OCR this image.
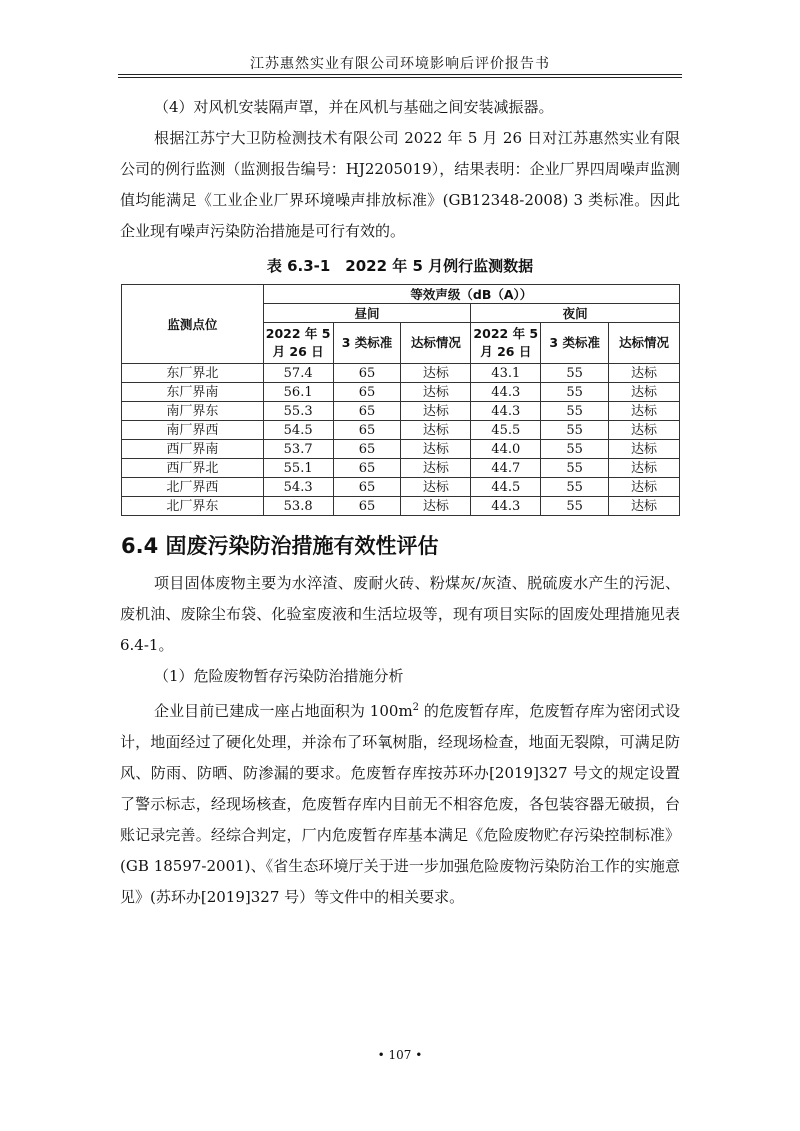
江苏惠然实业有限公司环境影响后评价报告书

（4）对风机安装隔声罩，并在风机与基础之间安装减振器。

根据江苏宁大卫防检测技术有限公司 2022 年 5 月 26 日对江苏惠然实业有限公司的例行监测（监测报告编号：HJ2205019），结果表明：企业厂界四周噪声监测值均能满足《工业企业厂界环境噪声排放标准》(GB12348-2008) 3 类标准。因此企业现有噪声污染防治措施是可行有效的。

表 6.3-1　2022 年 5 月例行监测数据
监测点位	等效声级（dB（A））					
	昼间			夜间		
	2022 年 5 月 26 日	3 类标准	达标情况	2022 年 5 月 26 日	3 类标准	达标情况
东厂界北	57.4	65	达标	43.1	55	达标
东厂界南	56.1	65	达标	44.3	55	达标
南厂界东	55.3	65	达标	44.3	55	达标
南厂界西	54.5	65	达标	45.5	55	达标
西厂界南	53.7	65	达标	44.0	55	达标
西厂界北	55.1	65	达标	44.7	55	达标
北厂界西	54.3	65	达标	44.5	55	达标
北厂界东	53.8	65	达标	44.3	55	达标
6.4 固废污染防治措施有效性评估

项目固体废物主要为水淬渣、废耐火砖、粉煤灰/灰渣、脱硫废水产生的污泥、废机油、废除尘布袋、化验室废液和生活垃圾等，现有项目实际的固废处理措施见表 6.4-1。

（1）危险废物暂存污染防治措施分析

企业目前已建成一座占地面积为 $100m^2$ 的危废暂存库，危废暂存库为密闭式设计，地面经过了硬化处理，并涂布了环氧树脂，经现场检查，地面无裂隙，可满足防风、防雨、防晒、防渗漏的要求。危废暂存库按苏环办[2019]327 号文的规定设置了警示标志，经现场核查，危废暂存库内目前无不相容危废，各包装容器无破损，台账记录完善。经综合判定，厂内危废暂存库基本满足《危险废物贮存污染控制标准》(GB 18597-2001)、《省生态环境厅关于进一步加强危险废物污染防治工作的实施意见》(苏环办[2019]327 号）等文件中的相关要求。

• 107 •
